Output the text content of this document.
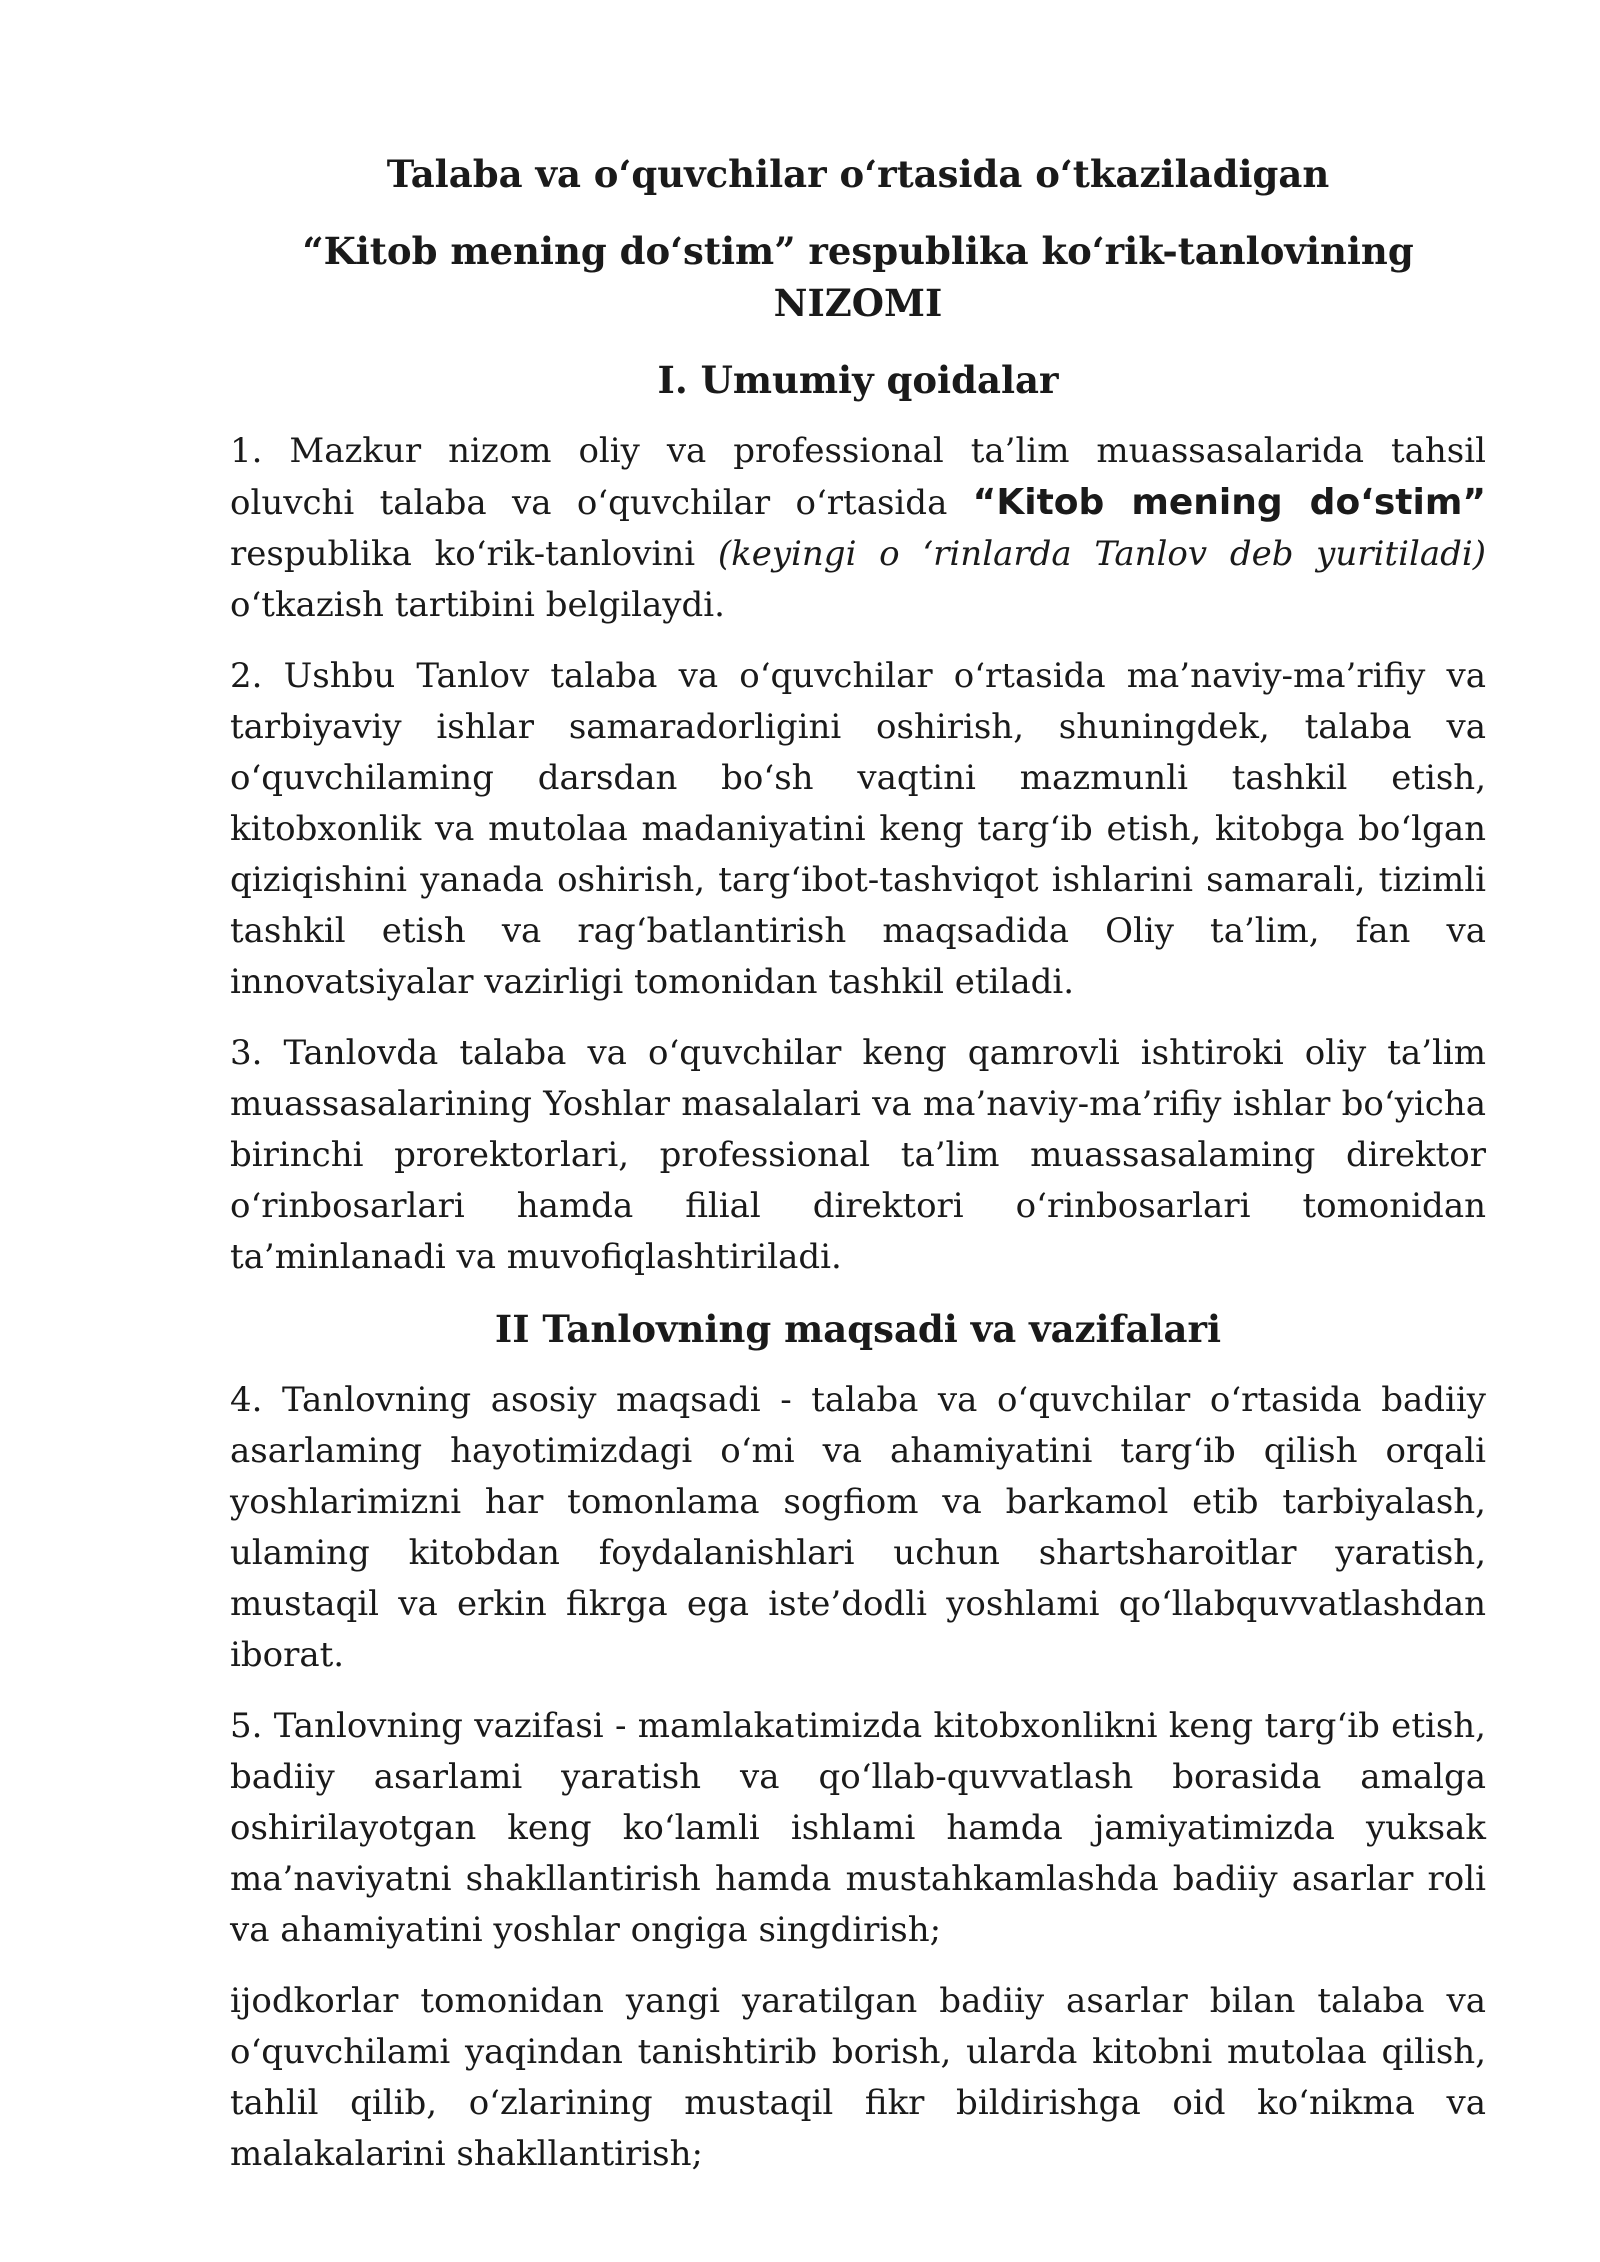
Talaba va o‘quvchilar o‘rtasida o‘tkaziladigan
“Kitob mening do‘stim” respublika ko‘rik-tanlovining NIZOMI
I. Umumiy qoidalar

1. Mazkur nizom oliy va professional ta’lim muassasalarida tahsil oluvchi talaba va o‘quvchilar o‘rtasida “Kitob mening do‘stim” respublika ko‘rik-tanlovini (keyingi o ‘rinlarda Tanlov deb yuritiladi) o‘tkazish tartibini belgilaydi.

2. Ushbu Tanlov talaba va o‘quvchilar o‘rtasida ma’naviy-ma’rifiy va tarbiyaviy ishlar samaradorligini oshirish, shuningdek, talaba va o‘quvchilaming darsdan bo‘sh vaqtini mazmunli tashkil etish, kitobxonlik va mutolaa madaniyatini keng targ‘ib etish, kitobga bo‘lgan qiziqishini yanada oshirish, targ‘ibot-tashviqot ishlarini samarali, tizimli tashkil etish va rag‘batlantirish maqsadida Oliy ta’lim, fan va innovatsiyalar vazirligi tomonidan tashkil etiladi.

3. Tanlovda talaba va o‘quvchilar keng qamrovli ishtiroki oliy ta’lim muassasalarining Yoshlar masalalari va ma’naviy-ma’rifiy ishlar bo‘yicha birinchi prorektorlari, professional ta’lim muassasalaming direktor o‘rinbosarlari hamda filial direktori o‘rinbosarlari tomonidan ta’minlanadi va muvofiqlashtiriladi.

II Tanlovning maqsadi va vazifalari

4. Tanlovning asosiy maqsadi - talaba va o‘quvchilar o‘rtasida badiiy asarlaming hayotimizdagi o‘mi va ahamiyatini targ‘ib qilish orqali yoshlarimizni har tomonlama sogfiom va barkamol etib tarbiyalash, ulaming kitobdan foydalanishlari uchun shartsharoitlar yaratish, mustaqil va erkin fikrga ega iste’dodli yoshlami qo‘llabquvvatlashdan iborat.

5. Tanlovning vazifasi - mamlakatimizda kitobxonlikni keng targ‘ib etish, badiiy asarlami yaratish va qo‘llab-quvvatlash borasida amalga oshirilayotgan keng ko‘lamli ishlami hamda jamiyatimizda yuksak ma’naviyatni shakllantirish hamda mustahkamlashda badiiy asarlar roli va ahamiyatini yoshlar ongiga singdirish;

ijodkorlar tomonidan yangi yaratilgan badiiy asarlar bilan talaba va o‘quvchilami yaqindan tanishtirib borish, ularda kitobni mutolaa qilish, tahlil qilib, o‘zlarining mustaqil fikr bildirishga oid ko‘nikma va malakalarini shakllantirish;
